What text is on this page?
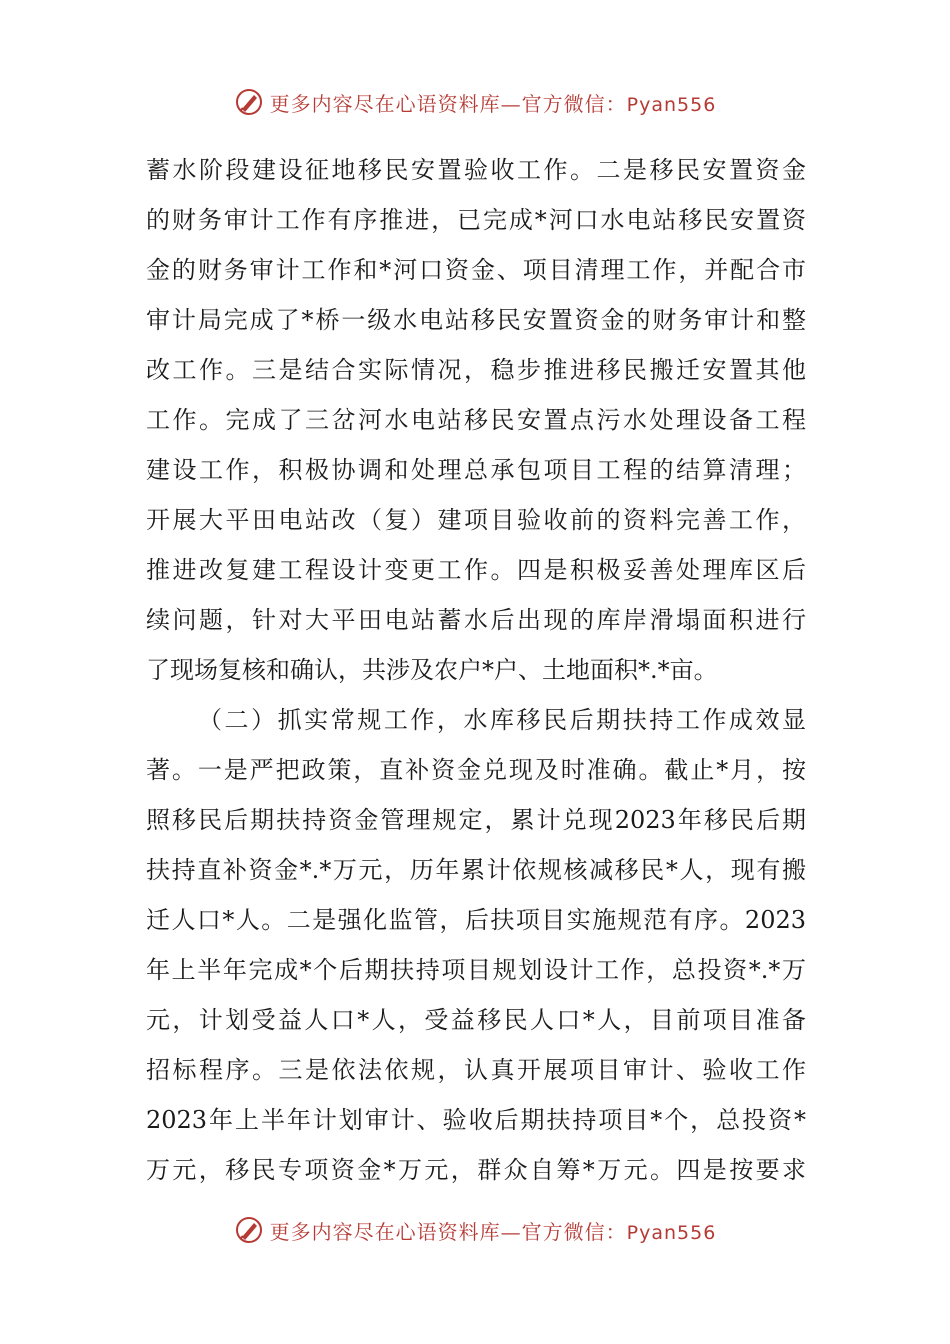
更多内容尽在心语资料库—官方微信：Pyan556
蓄水阶段建设征地移民安置验收工作。二是移民安置资金
的财务审计工作有序推进，已完成*河口水电站移民安置资
金的财务审计工作和*河口资金、项目清理工作，并配合市
审计局完成了*桥一级水电站移民安置资金的财务审计和整
改工作。三是结合实际情况，稳步推进移民搬迁安置其他
工作。完成了三岔河水电站移民安置点污水处理设备工程
建设工作，积极协调和处理总承包项目工程的结算清理；
开展大平田电站改（复）建项目验收前的资料完善工作，
推进改复建工程设计变更工作。四是积极妥善处理库区后
续问题，针对大平田电站蓄水后出现的库岸滑塌面积进行
了现场复核和确认，共涉及农户*户、土地面积*.*亩。
（二）抓实常规工作，水库移民后期扶持工作成效显
著。一是严把政策，直补资金兑现及时准确。截止*月，按
照移民后期扶持资金管理规定，累计兑现2023年移民后期
扶持直补资金*.*万元，历年累计依规核减移民*人，现有搬
迁人口*人。二是强化监管，后扶项目实施规范有序。2023
年上半年完成*个后期扶持项目规划设计工作，总投资*.*万
元，计划受益人口*人，受益移民人口*人，目前项目准备
招标程序。三是依法依规，认真开展项目审计、验收工作
2023年上半年计划审计、验收后期扶持项目*个，总投资*
万元，移民专项资金*万元，群众自筹*万元。四是按要求
更多内容尽在心语资料库—官方微信：Pyan556
